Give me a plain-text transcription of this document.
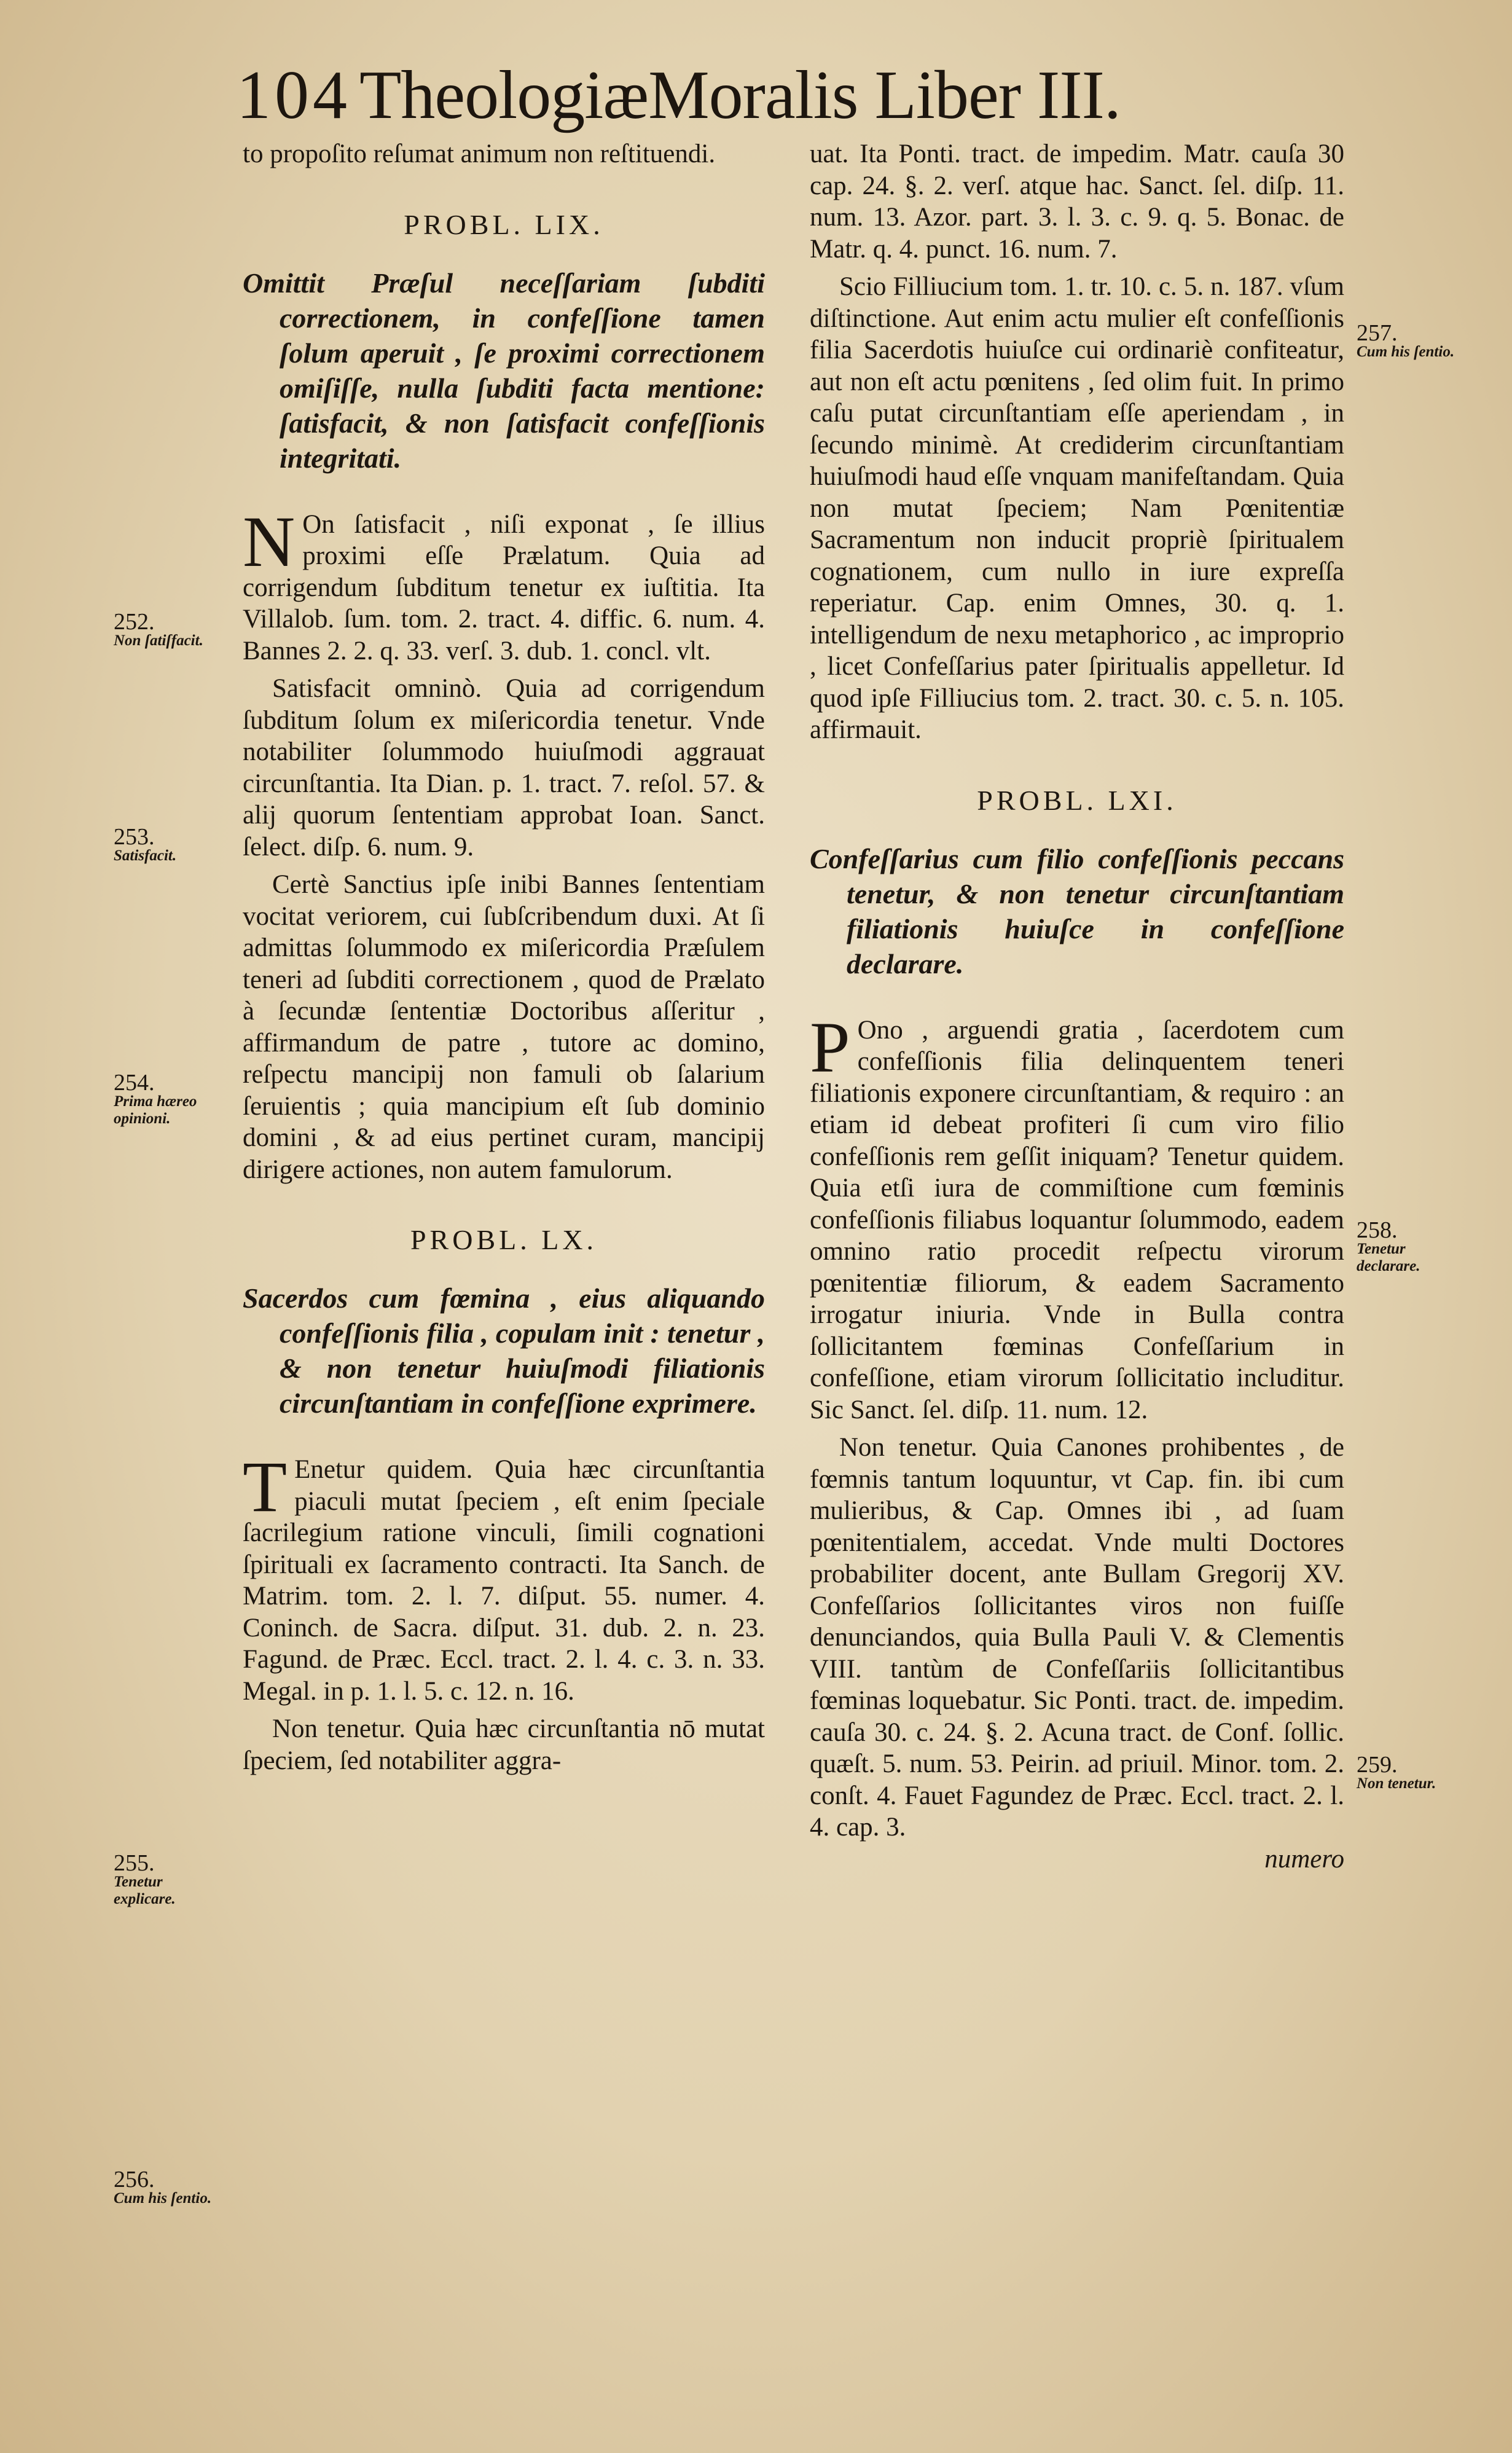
104 TheologiæMoralis Liber III.

to propoſito reſumat animum non reſtituendi.

PROBL. LIX.

Omittit Præſul neceſſariam ſubditi correctionem, in confeſſione tamen ſolum aperuit , ſe proximi correctionem omiſiſſe, nulla ſubditi facta mentione: ſatisfacit, & non ſatisfacit confeſſionis integritati.

N On ſatisfacit , niſi exponat , ſe illius proximi eſſe Prælatum. Quia ad corrigendum ſubditum tenetur ex iuſtitia. Ita Villalob. ſum. tom. 2. tract. 4. diffic. 6. num. 4. Bannes 2. 2. q. 33. verſ. 3. dub. 1. concl. vlt.

Satisfacit omninò. Quia ad corrigendum ſubditum ſolum ex miſericordia tenetur. Vnde notabiliter ſolummodo huiuſmodi aggrauat circunſtantia. Ita Dian. p. 1. tract. 7. reſol. 57. & alij quorum ſententiam approbat Ioan. Sanct. ſelect. diſp. 6. num. 9.

Certè Sanctius ipſe inibi Bannes ſententiam vocitat veriorem, cui ſubſcribendum duxi. At ſi admittas ſolummodo ex miſericordia Præſulem teneri ad ſubditi correctionem , quod de Prælato à ſecundæ ſententiæ Doctoribus aſſeritur , affirmandum de patre , tutore ac domino, reſpectu mancipij non famuli ob ſalarium ſeruientis ; quia mancipium eſt ſub dominio domini , & ad eius pertinet curam, mancipij dirigere actiones, non autem famulorum.

PROBL. LX.

Sacerdos cum fœmina , eius aliquando confeſſionis filia , copulam init : tenetur , & non tenetur huiuſmodi filiationis circunſtantiam in confeſſione exprimere.

T Enetur quidem. Quia hæc circunſtantia piaculi mutat ſpeciem , eſt enim ſpeciale ſacrilegium ratione vinculi, ſimili cognationi ſpirituali ex ſacramento contracti. Ita Sanch. de Matrim. tom. 2. l. 7. diſput. 55. numer. 4. Coninch. de Sacra. diſput. 31. dub. 2. n. 23. Fagund. de Præc. Eccl. tract. 2. l. 4. c. 3. n. 33. Megal. in p. 1. l. 5. c. 12. n. 16.

Non tenetur. Quia hæc circunſtantia nō mutat ſpeciem, ſed notabiliter aggra-

uat. Ita Ponti. tract. de impedim. Matr. cauſa 30 cap. 24. §. 2. verſ. atque hac. Sanct. ſel. diſp. 11. num. 13. Azor. part. 3. l. 3. c. 9. q. 5. Bonac. de Matr. q. 4. punct. 16. num. 7.

Scio Filliucium tom. 1. tr. 10. c. 5. n. 187. vſum diſtinctione. Aut enim actu mulier eſt confeſſionis filia Sacerdotis huiuſce cui ordinariè confiteatur, aut non eſt actu pœnitens , ſed olim fuit. In primo caſu putat circunſtantiam eſſe aperiendam , in ſecundo minimè. At crediderim circunſtantiam huiuſmodi haud eſſe vnquam manifeſtandam. Quia non mutat ſpeciem; Nam Pœnitentiæ Sacramentum non inducit propriè ſpiritualem cognationem, cum nullo in iure expreſſa reperiatur. Cap. enim Omnes, 30. q. 1. intelligendum de nexu metaphorico , ac improprio , licet Confeſſarius pater ſpiritualis appelletur. Id quod ipſe Filliucius tom. 2. tract. 30. c. 5. n. 105. affirmauit.

PROBL. LXI.

Confeſſarius cum filio confeſſionis peccans tenetur, & non tenetur circunſtantiam filiationis huiuſce in confeſſione declarare.

P Ono , arguendi gratia , ſacerdotem cum confeſſionis filia delinquentem teneri filiationis exponere circunſtantiam, & requiro : an etiam id debeat profiteri ſi cum viro filio confeſſionis rem geſſit iniquam? Tenetur quidem. Quia etſi iura de commiſtione cum fœminis confeſſionis filiabus loquantur ſolummodo, eadem omnino ratio procedit reſpectu virorum pœnitentiæ filiorum, & eadem Sacramento irrogatur iniuria. Vnde in Bulla contra ſollicitantem fœminas Confeſſarium in confeſſione, etiam virorum ſollicitatio includitur. Sic Sanct. ſel. diſp. 11. num. 12.

Non tenetur. Quia Canones prohibentes , de fœmnis tantum loquuntur, vt Cap. fin. ibi cum mulieribus, & Cap. Omnes ibi , ad ſuam pœnitentialem, accedat. Vnde multi Doctores probabiliter docent, ante Bullam Gregorij XV. Confeſſarios ſollicitantes viros non fuiſſe denunciandos, quia Bulla Pauli V. & Clementis VIII. tantùm de Confeſſariis ſollicitantibus fœminas loquebatur. Sic Ponti. tract. de. impedim. cauſa 30. c. 24. §. 2. Acuna tract. de Conf. ſollic. quæſt. 5. num. 53. Peirin. ad priuil. Minor. tom. 2. conſt. 4. Fauet Fagundez de Præc. Eccl. tract. 2. l. 4. cap. 3.

numero

252.
Non ſatiſfacit.
253.
Satisfacit.
254.
Prima hæreo opinioni.
255.
Tenetur explicare.
256.
Cum his ſentio.
257.
Cum his ſentio.
258.
Tenetur declarare.
259.
Non tenetur.
